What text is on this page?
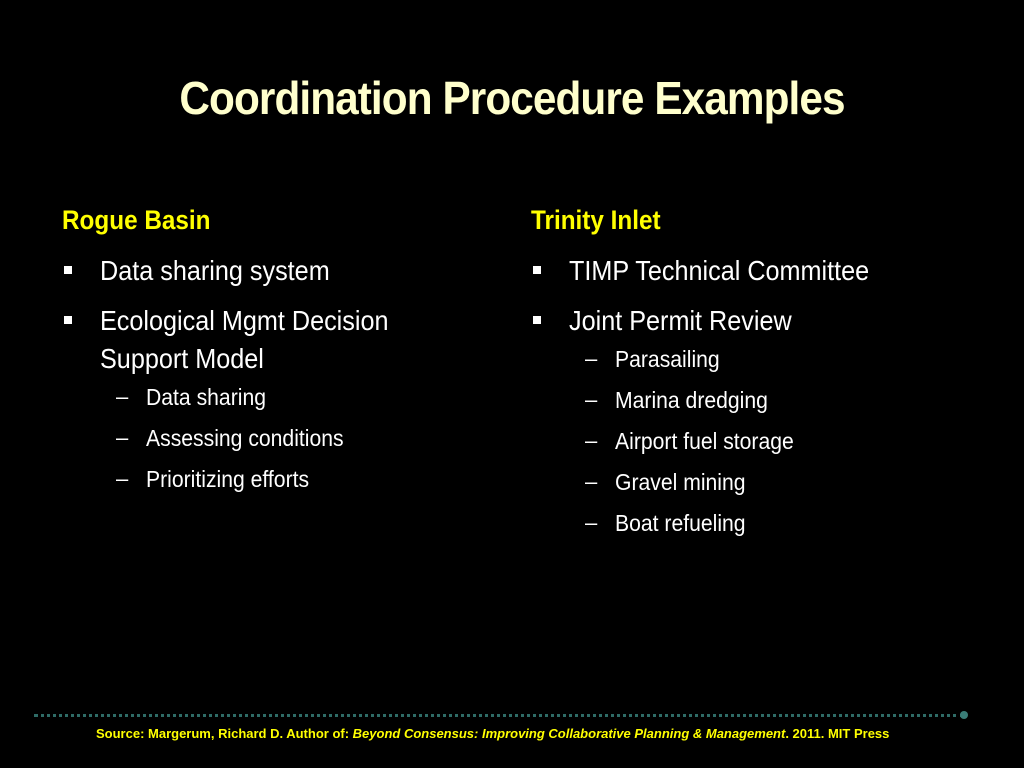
Coordination Procedure Examples
Rogue Basin
Data sharing system
Ecological Mgmt Decision Support Model
– Data sharing
– Assessing conditions
– Prioritizing efforts
Trinity Inlet
TIMP Technical Committee
Joint Permit Review
– Parasailing
– Marina dredging
– Airport fuel storage
– Gravel mining
– Boat refueling
Source: Margerum, Richard D. Author of: Beyond Consensus: Improving Collaborative Planning & Management. 2011. MIT Press
